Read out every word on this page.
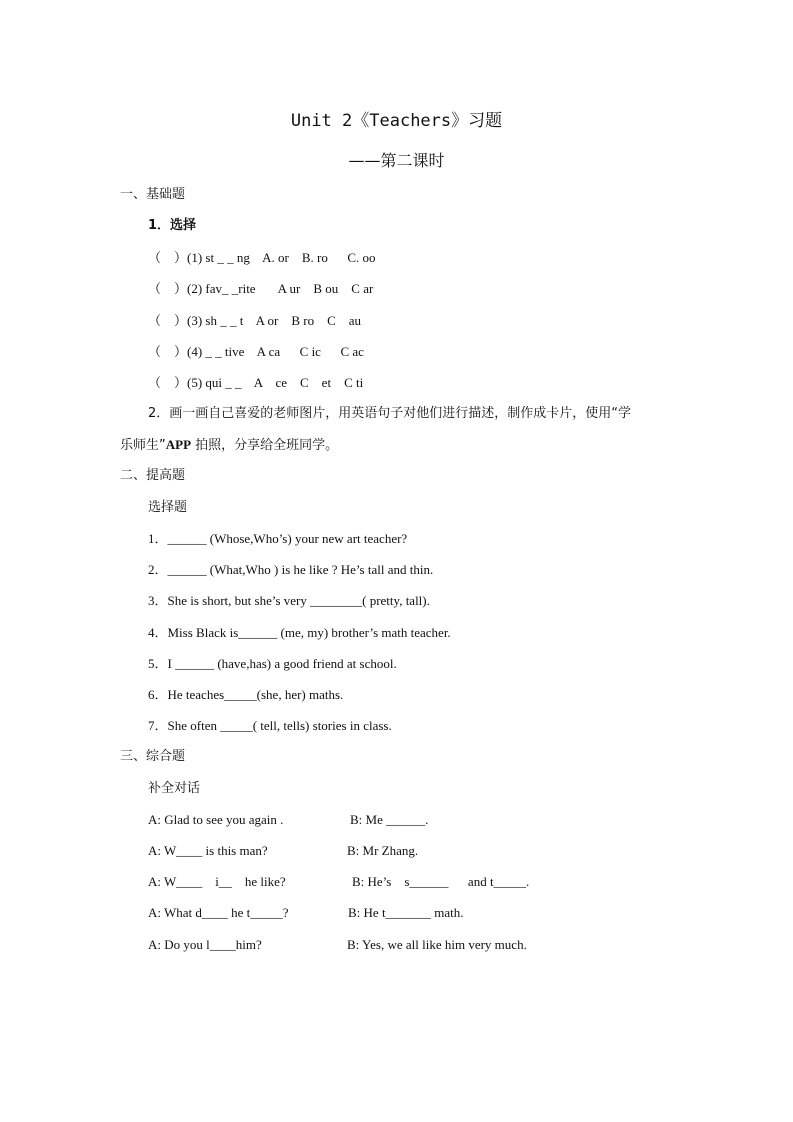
Unit 2《Teachers》习题
——第二课时
一、基础题
1．选择
（　）(1) st _ _ ng    A. or    B. ro      C. oo
（　）(2) fav_ _rite       A ur    B ou    C ar
（　）(3) sh _ _ t    A or    B ro    C    au
（　）(4) _ _ tive    A ca      C ic      C ac
（　）(5) qui _ _    A    ce    C    et    C ti
2．画一画自己喜爱的老师图片，用英语句子对他们进行描述，制作成卡片，使用“学
乐师生”APP 拍照，分享给全班同学。
二、提高题
选择题
1．______ (Whose,Who’s) your new art teacher?
2．______ (What,Who ) is he like ? He’s tall and thin.
3．She is short, but she’s very ________( pretty, tall).
4．Miss Black is______ (me, my) brother’s math teacher.
5．I ______ (have,has) a good friend at school.
6．He teaches_____(she, her) maths.
7．She often _____( tell, tells) stories in class.
三、综合题
补全对话
A: Glad to see you again .	B: Me ______.
A: W____ is this man?	B: Mr Zhang.
A: W____    i__    he like?	B: He’s    s______      and t_____.
A: What d____ he t_____?	B: He t_______ math.
A: Do you l____him?	B: Yes, we all like him very much.
